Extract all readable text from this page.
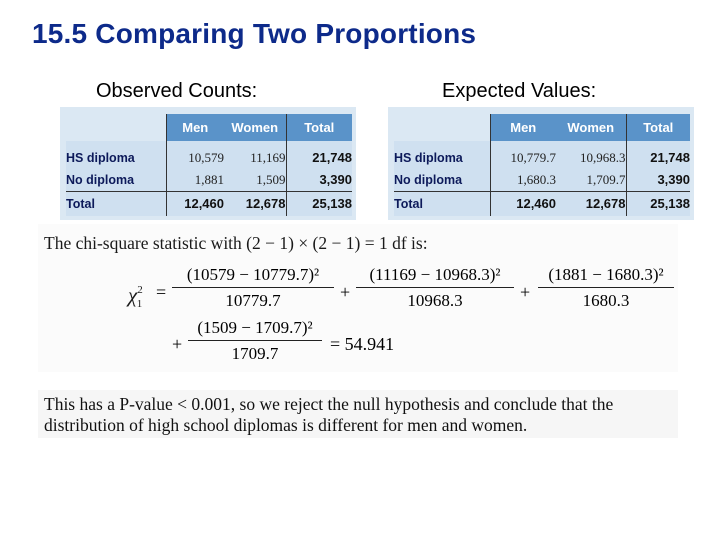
15.5 Comparing Two Proportions
Observed Counts:	Expected Values:
	Men	Women	Total
HS diploma	10,579	11,169	21,748
No diploma	1,881	1,509	3,390
Total	12,460	12,678	25,138
	Men	Women	Total
HS diploma	10,779.7	10,968.3	21,748
No diploma	1,680.3	1,709.7	3,390
Total	12,460	12,678	25,138
The chi-square statistic with (2 − 1) × (2 − 1) = 1 df is:
$\chi^2_1$
=
(10579 − 10779.7)²
10779.7	+
(11169 − 10968.3)²
10968.3	+
(1881 − 1680.3)²
1680.3
+
(1509 − 1709.7)²
1709.7	= 54.941
This has a P-value < 0.001, so we reject the null hypothesis and conclude that the
distribution of high school diplomas is different for men and women.
